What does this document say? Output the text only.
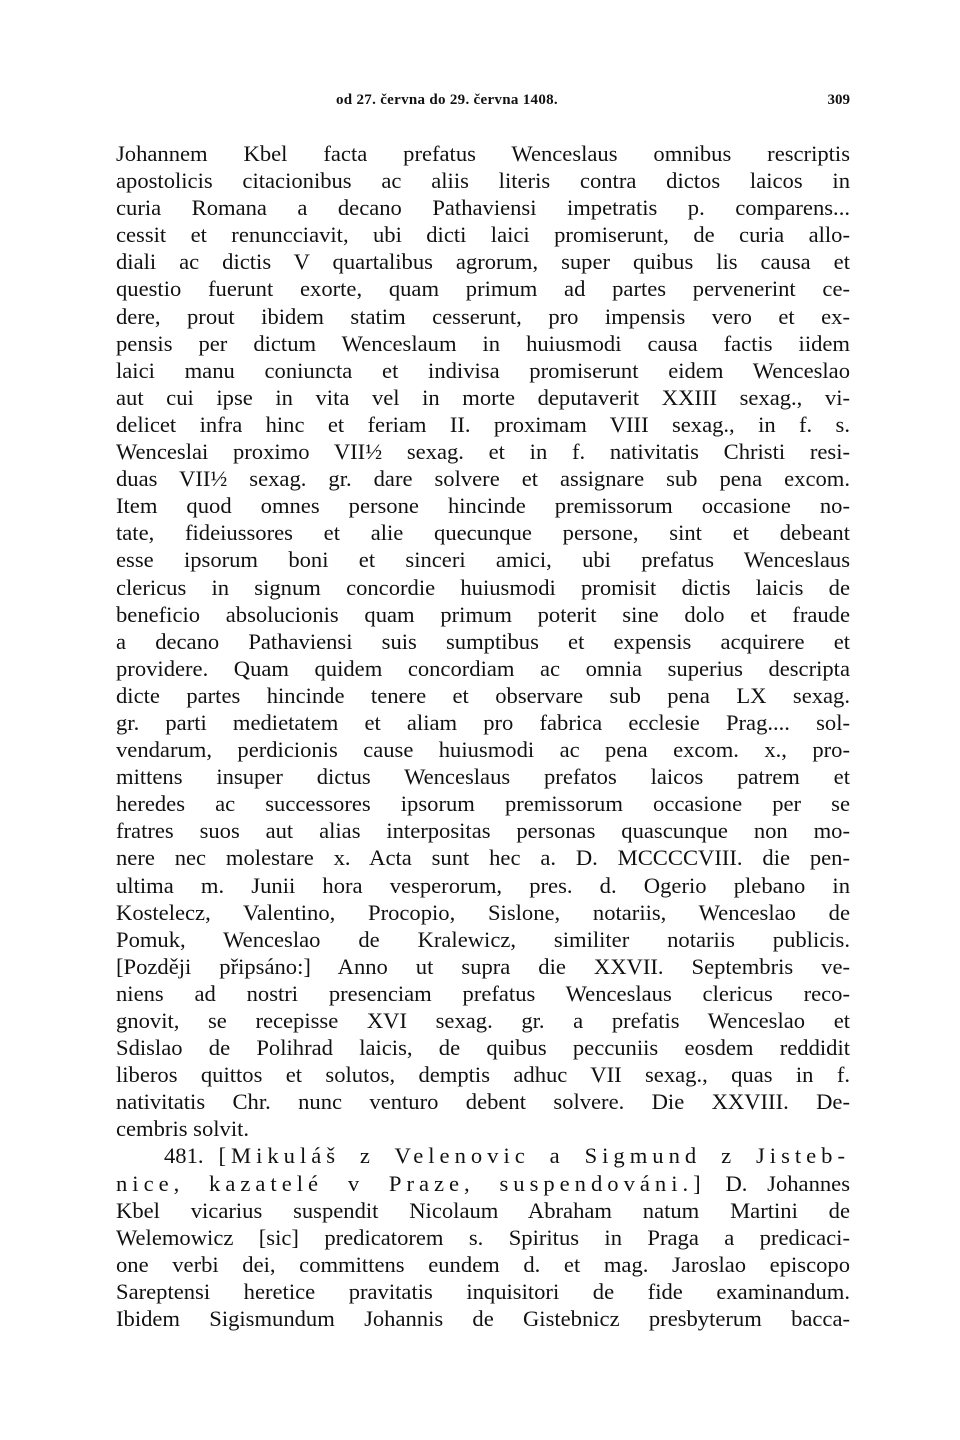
od 27. června do 29. června 1408.	309
Johannem Kbel facta prefatus Wenceslaus omnibus rescriptis
apostolicis citacionibus ac aliis literis contra dictos laicos in
curia Romana a decano Pathaviensi impetratis p. comparens...
cessit et renuncciavit, ubi dicti laici promiserunt, de curia allo-
diali ac dictis V quartalibus agrorum, super quibus lis causa et
questio fuerunt exorte, quam primum ad partes pervenerint ce-
dere, prout ibidem statim cesserunt, pro impensis vero et ex-
pensis per dictum Wenceslaum in huiusmodi causa factis iidem
laici manu coniuncta et indivisa promiserunt eidem Wenceslao
aut cui ipse in vita vel in morte deputaverit XXIII sexag., vi-
delicet infra hinc et feriam II. proximam VIII sexag., in f. s.
Wenceslai proximo VII½ sexag. et in f. nativitatis Christi resi-
duas VII½ sexag. gr. dare solvere et assignare sub pena excom.
Item quod omnes persone hincinde premissorum occasione no-
tate, fideiussores et alie quecunque persone, sint et debeant
esse ipsorum boni et sinceri amici, ubi prefatus Wenceslaus
clericus in signum concordie huiusmodi promisit dictis laicis de
beneficio absolucionis quam primum poterit sine dolo et fraude
a decano Pathaviensi suis sumptibus et expensis acquirere et
providere. Quam quidem concordiam ac omnia superius descripta
dicte partes hincinde tenere et observare sub pena LX sexag.
gr. parti medietatem et aliam pro fabrica ecclesie Prag.... sol-
vendarum, perdicionis cause huiusmodi ac pena excom. x., pro-
mittens insuper dictus Wenceslaus prefatos laicos patrem et
heredes ac successores ipsorum premissorum occasione per se
fratres suos aut alias interpositas personas quascunque non mo-
nere nec molestare x. Acta sunt hec a. D. MCCCCVIII. die pen-
ultima m. Junii hora vesperorum, pres. d. Ogerio plebano in
Kostelecz, Valentino, Procopio, Sislone, notariis, Wenceslao de
Pomuk, Wenceslao de Kralewicz, similiter notariis publicis.
[Později připsáno:] Anno ut supra die XXVII. Septembris ve-
niens ad nostri presenciam prefatus Wenceslaus clericus reco-
gnovit, se recepisse XVI sexag. gr. a prefatis Wenceslao et
Sdislao de Polihrad laicis, de quibus peccuniis eosdem reddidit
liberos quittos et solutos, demptis adhuc VII sexag., quas in f.
nativitatis Chr. nunc venturo debent solvere. Die XXVIII. De-
cembris solvit.
481. [Mikuláš z Velenovic a Sigmund z Jisteb-
nice, kazatelé v Praze, suspendováni.] D. Johannes
Kbel vicarius suspendit Nicolaum Abraham natum Martini de
Welemowicz [sic] predicatorem s. Spiritus in Praga a predicaci-
one verbi dei, committens eundem d. et mag. Jaroslao episcopo
Sareptensi heretice pravitatis inquisitori de fide examinandum.
Ibidem Sigismundum Johannis de Gistebnicz presbyterum bacca-
